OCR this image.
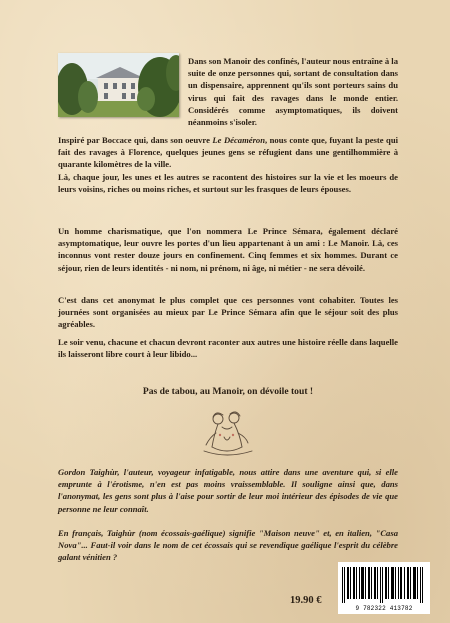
Dans son Manoir des confinés, l'auteur nous entraîne à la suite de onze personnes qui, sortant de consultation dans un dispensaire, apprennent qu'ils sont porteurs sains du virus qui fait des ravages dans le monde entier. Considérés comme asymptomatiques, ils doivent néanmoins s'isoler.

Inspiré par Boccace qui, dans son oeuvre Le Décaméron, nous conte que, fuyant la peste qui fait des ravages à Florence, quelques jeunes gens se réfugient dans une gentilhommière à quarante kilomètres de la ville.

Là, chaque jour, les unes et les autres se racontent des histoires sur la vie et les moeurs de leurs voisins, riches ou moins riches, et surtout sur les frasques de leurs épouses.

Un homme charismatique, que l'on nommera Le Prince Sémara, également déclaré asymptomatique, leur ouvre les portes d'un lieu appartenant à un ami : Le Manoir. Là, ces inconnus vont rester douze jours en confinement. Cinq femmes et six hommes. Durant ce séjour, rien de leurs identités - ni nom, ni prénom, ni âge, ni métier - ne sera dévoilé.

C'est dans cet anonymat le plus complet que ces personnes vont cohabiter. Toutes les journées sont organisées au mieux par Le Prince Sémara afin que le séjour soit des plus agréables.

Le soir venu, chacune et chacun devront raconter aux autres une histoire réelle dans laquelle ils laisseront libre court à leur libido...

Pas de tabou, au Manoir, on dévoile tout !

Gordon Taighùr, l'auteur, voyageur infatigable, nous attire dans une aventure qui, si elle emprunte à l'érotisme, n'en est pas moins vraissemblable. Il souligne ainsi que, dans l'anonymat, les gens sont plus à l'aise pour sortir de leur moi intérieur des épisodes de vie que personne ne leur connaît.

En français, Taighùr (nom écossais-gaélique) signifie "Maison neuve" et, en italien, "Casa Nova"... Faut-il voir dans le nom de cet écossais qui se revendique gaélique l'esprit du célèbre galant vénitien ?

19.90 €
9 782322 413782
